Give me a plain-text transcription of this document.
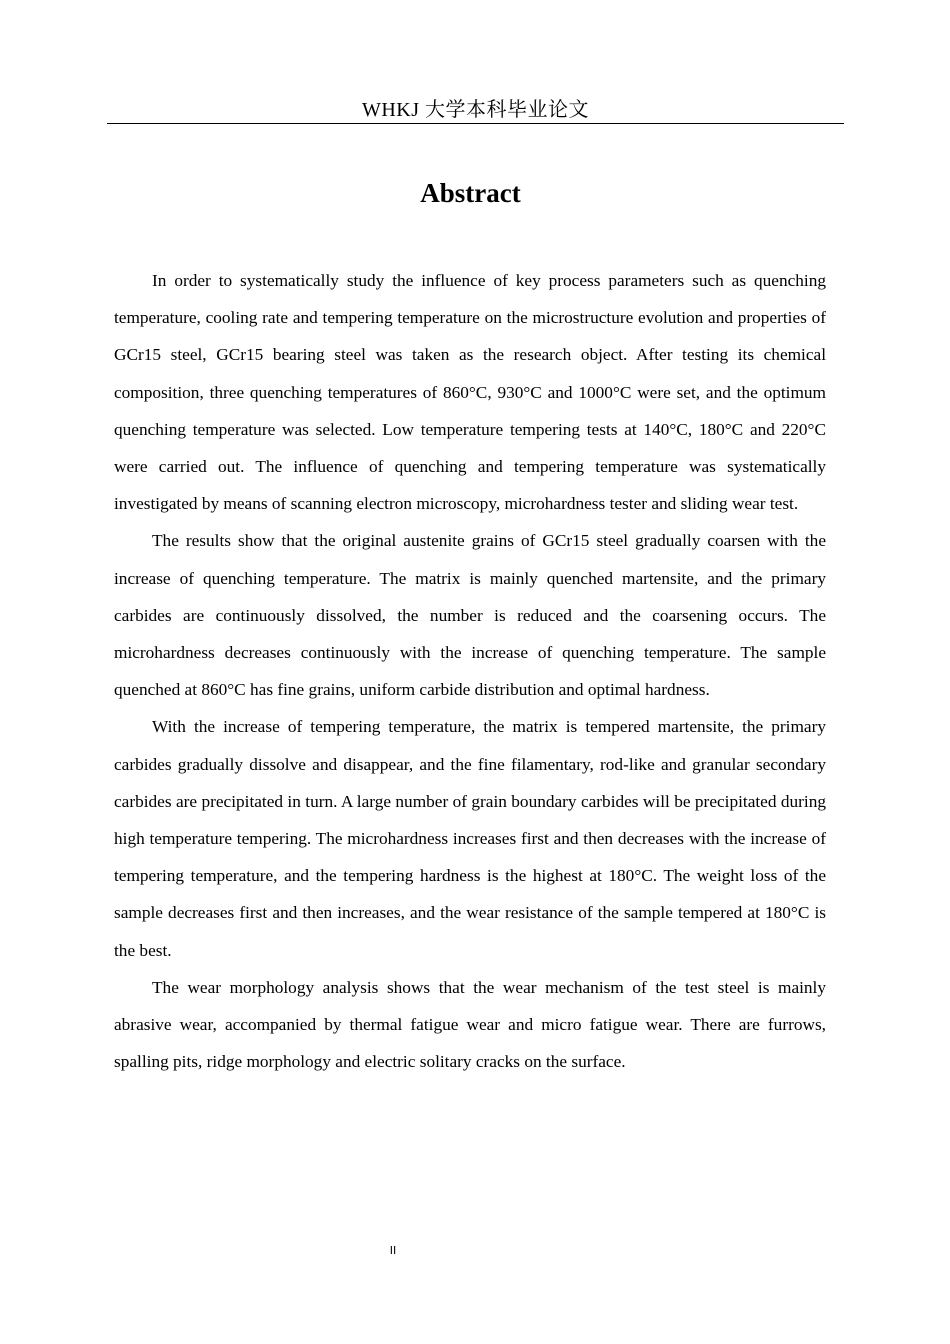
WHKJ 大学本科毕业论文
Abstract

In order to systematically study the influence of key process parameters such as quenching temperature, cooling rate and tempering temperature on the microstructure evolution and properties of GCr15 steel, GCr15 bearing steel was taken as the research object. After testing its chemical composition, three quenching temperatures of 860°C, 930°C and 1000°C were set, and the optimum quenching temperature was selected. Low temperature tempering tests at 140°C, 180°C and 220°C were carried out. The influence of quenching and tempering temperature was systematically investigated by means of scanning electron microscopy, microhardness tester and sliding wear test.

The results show that the original austenite grains of GCr15 steel gradually coarsen with the increase of quenching temperature. The matrix is mainly quenched martensite, and the primary carbides are continuously dissolved, the number is reduced and the coarsening occurs. The microhardness decreases continuously with the increase of quenching temperature. The sample quenched at 860°C has fine grains, uniform carbide distribution and optimal hardness.

With the increase of tempering temperature, the matrix is tempered martensite, the primary carbides gradually dissolve and disappear, and the fine filamentary, rod-like and granular secondary carbides are precipitated in turn. A large number of grain boundary carbides will be precipitated during high temperature tempering. The microhardness increases first and then decreases with the increase of tempering temperature, and the tempering hardness is the highest at 180°C. The weight loss of the sample decreases first and then increases, and the wear resistance of the sample tempered at 180°C is the best.

The wear morphology analysis shows that the wear mechanism of the test steel is mainly abrasive wear, accompanied by thermal fatigue wear and micro fatigue wear. There are furrows, spalling pits, ridge morphology and electric solitary cracks on the surface.

II
